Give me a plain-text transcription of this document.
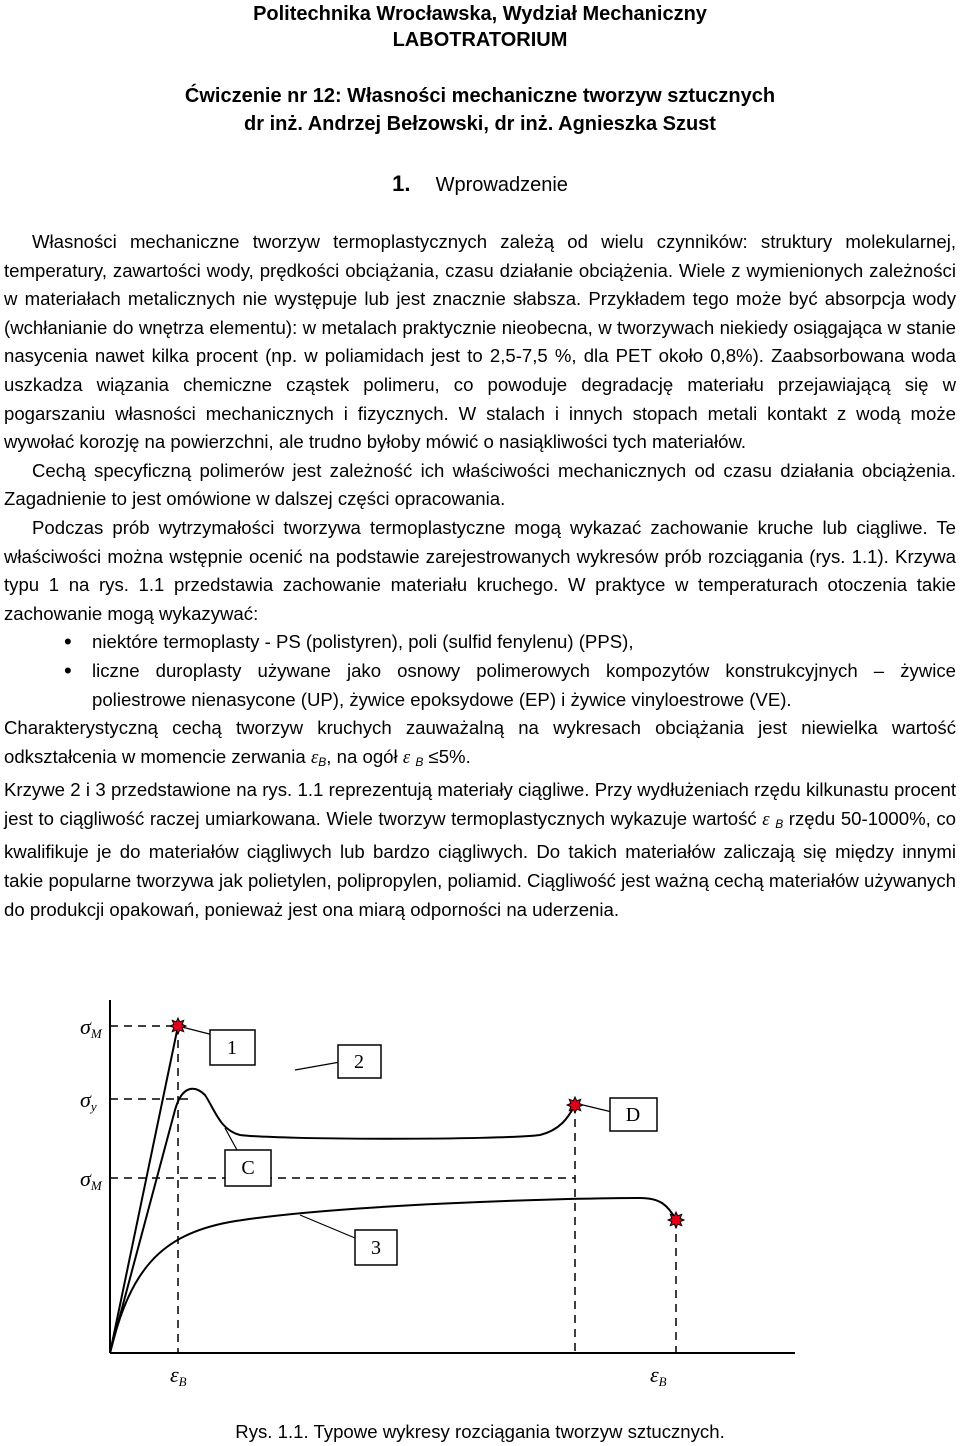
Politechnika Wrocławska, Wydział Mechaniczny
LABOTRATORIUM
Ćwiczenie nr 12: Własności mechaniczne tworzyw sztucznych
dr inż. Andrzej Bełzowski, dr inż. Agnieszka Szust
1. Wprowadzenie

Własności mechaniczne tworzyw termoplastycznych zależą od wielu czynników: struktury molekularnej, temperatury, zawartości wody, prędkości obciążania, czasu działanie obciążenia. Wiele z wymienionych zależności w materiałach metalicznych nie występuje lub jest znacznie słabsza. Przykładem tego może być absorpcja wody (wchłanianie do wnętrza elementu): w metalach praktycznie nieobecna, w tworzywach niekiedy osiągająca w stanie nasycenia nawet kilka procent (np. w poliamidach jest to 2,5-7,5 %, dla PET około 0,8%). Zaabsorbowana woda uszkadza wiązania chemiczne cząstek polimeru, co powoduje degradację materiału przejawiającą się w pogarszaniu własności mechanicznych i fizycznych. W stalach i innych stopach metali kontakt z wodą może wywołać korozję na powierzchni, ale trudno byłoby mówić o nasiąkliwości tych materiałów.

Cechą specyficzną polimerów jest zależność ich właściwości mechanicznych od czasu działania obciążenia. Zagadnienie to jest omówione w dalszej części opracowania.

Podczas prób wytrzymałości tworzywa termoplastyczne mogą wykazać zachowanie kruche lub ciągliwe. Te właściwości można wstępnie ocenić na podstawie zarejestrowanych wykresów prób rozciągania (rys. 1.1). Krzywa typu 1 na rys. 1.1 przedstawia zachowanie materiału kruchego. W praktyce w temperaturach otoczenia takie zachowanie mogą wykazywać:

• niektóre termoplasty - PS (polistyren), poli (sulfid fenylenu) (PPS),
• liczne duroplasty używane jako osnowy polimerowych kompozytów konstrukcyjnych – żywice poliestrowe nienasycone (UP), żywice epoksydowe (EP) i żywice vinyloestrowe (VE).

Charakterystyczną cechą tworzyw kruchych zauważalną na wykresach obciążania jest niewielka wartość odkształcenia w momencie zerwania $\varepsilon_B$, na ogół ε $_B$ ≤5%.

Krzywe 2 i 3 przedstawione na rys. 1.1 reprezentują materiały ciągliwe. Przy wydłużeniach rzędu kilkunastu procent jest to ciągliwość raczej umiarkowana. Wiele tworzyw termoplastycznych wykazuje wartość ε $_B$ rzędu 50-1000%, co kwalifikuje je do materiałów ciągliwych lub bardzo ciągliwych. Do takich materiałów zaliczają się między innymi takie popularne tworzywa jak polietylen, polipropylen, poliamid. Ciągliwość jest ważną cechą materiałów używanych do produkcji opakowań, ponieważ jest ona miarą odporności na uderzenia.

1
2
C
D
3
σM
σy
σM
εB	εB
Rys. 1.1. Typowe wykresy rozciągania tworzyw sztucznych.
